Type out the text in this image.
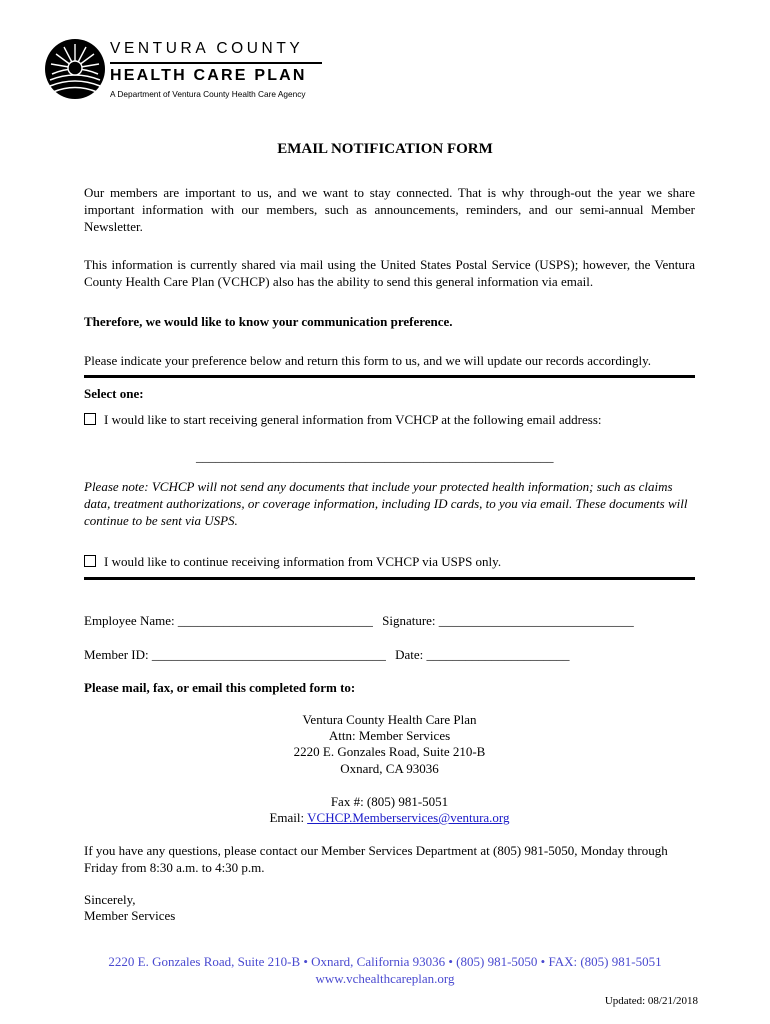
VENTURA COUNTY
HEALTH CARE PLAN
A Department of Ventura County Health Care Agency
EMAIL NOTIFICATION FORM
Our members are important to us, and we want to stay connected. That is why through-out the year we share important information with our members, such as announcements, reminders, and our semi-annual Member Newsletter.
This information is currently shared via mail using the United States Postal Service (USPS); however, the Ventura County Health Care Plan (VCHCP) also has the ability to send this general information via email.
Therefore, we would like to know your communication preference.
Please indicate your preference below and return this form to us, and we will update our records accordingly.
Select one:
I would like to start receiving general information from VCHCP at the following email address:
_______________________________________________________
Please note: VCHCP will not send any documents that include your protected health information; such as claims data, treatment authorizations, or coverage information, including ID cards, to you via email. These documents will continue to be sent via USPS.
I would like to continue receiving information from VCHCP via USPS only.
Employee Name: ______________________________ Signature: ______________________________
Member ID: ____________________________________ Date: ______________________
Please mail, fax, or email this completed form to:
Ventura County Health Care Plan
Attn: Member Services
2220 E. Gonzales Road, Suite 210-B
Oxnard, CA 93036
Fax #: (805) 981-5051
Email: VCHCP.Memberservices@ventura.org
If you have any questions, please contact our Member Services Department at (805) 981-5050, Monday through Friday from 8:30 a.m. to 4:30 p.m.
Sincerely,
Member Services
2220 E. Gonzales Road, Suite 210-B • Oxnard, California 93036 • (805) 981-5050 • FAX: (805) 981-5051
www.vchealthcareplan.org
Updated: 08/21/2018
